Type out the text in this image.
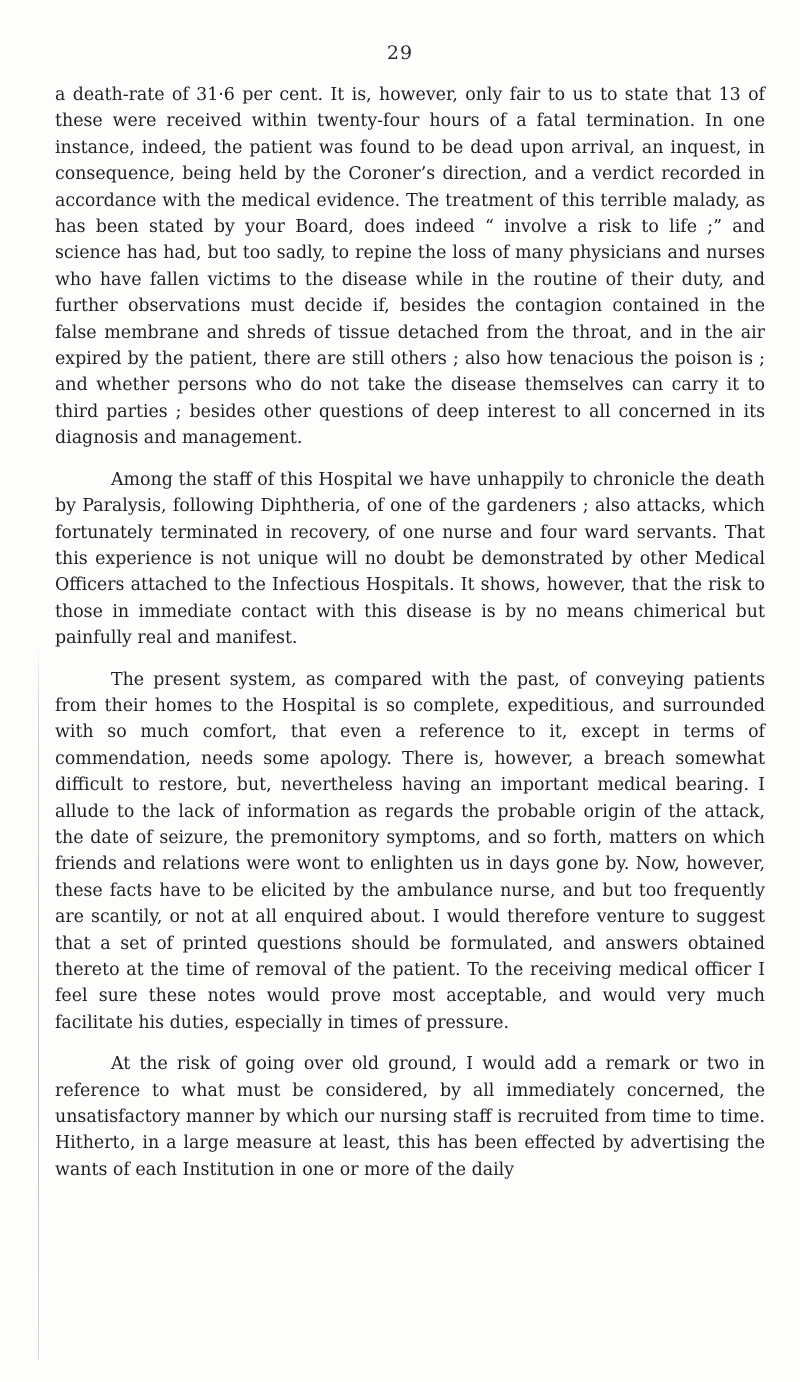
29

a death-rate of 31·6 per cent. It is, however, only fair to us to state that 13 of these were received within twenty-four hours of a fatal termination. In one instance, indeed, the patient was found to be dead upon arrival, an inquest, in consequence, being held by the Coroner’s direction, and a verdict recorded in accordance with the medical evidence. The treatment of this terrible malady, as has been stated by your Board, does indeed “ involve a risk to life ;” and science has had, but too sadly, to repine the loss of many physicians and nurses who have fallen victims to the disease while in the routine of their duty, and further observations must decide if, besides the contagion contained in the false membrane and shreds of tissue detached from the throat, and in the air expired by the patient, there are still others ; also how tenacious the poison is ; and whether persons who do not take the disease themselves can carry it to third parties ; besides other questions of deep interest to all concerned in its diagnosis and management.

Among the staff of this Hospital we have unhappily to chronicle the death by Paralysis, following Diphtheria, of one of the gardeners ; also attacks, which fortunately terminated in recovery, of one nurse and four ward servants. That this experience is not unique will no doubt be demonstrated by other Medical Officers attached to the Infectious Hospitals. It shows, however, that the risk to those in immediate contact with this disease is by no means chimerical but painfully real and manifest.

The present system, as compared with the past, of conveying patients from their homes to the Hospital is so complete, expeditious, and surrounded with so much comfort, that even a reference to it, except in terms of commendation, needs some apology. There is, however, a breach somewhat difficult to restore, but, nevertheless having an important medical bearing. I allude to the lack of information as regards the probable origin of the attack, the date of seizure, the premonitory symptoms, and so forth, matters on which friends and relations were wont to enlighten us in days gone by. Now, however, these facts have to be elicited by the ambulance nurse, and but too frequently are scantily, or not at all enquired about. I would therefore venture to suggest that a set of printed questions should be formulated, and answers obtained thereto at the time of removal of the patient. To the receiving medical officer I feel sure these notes would prove most acceptable, and would very much facilitate his duties, especially in times of pressure.

At the risk of going over old ground, I would add a remark or two in reference to what must be considered, by all immediately concerned, the unsatisfactory manner by which our nursing staff is recruited from time to time. Hitherto, in a large measure at least, this has been effected by advertising the wants of each Institution in one or more of the daily
